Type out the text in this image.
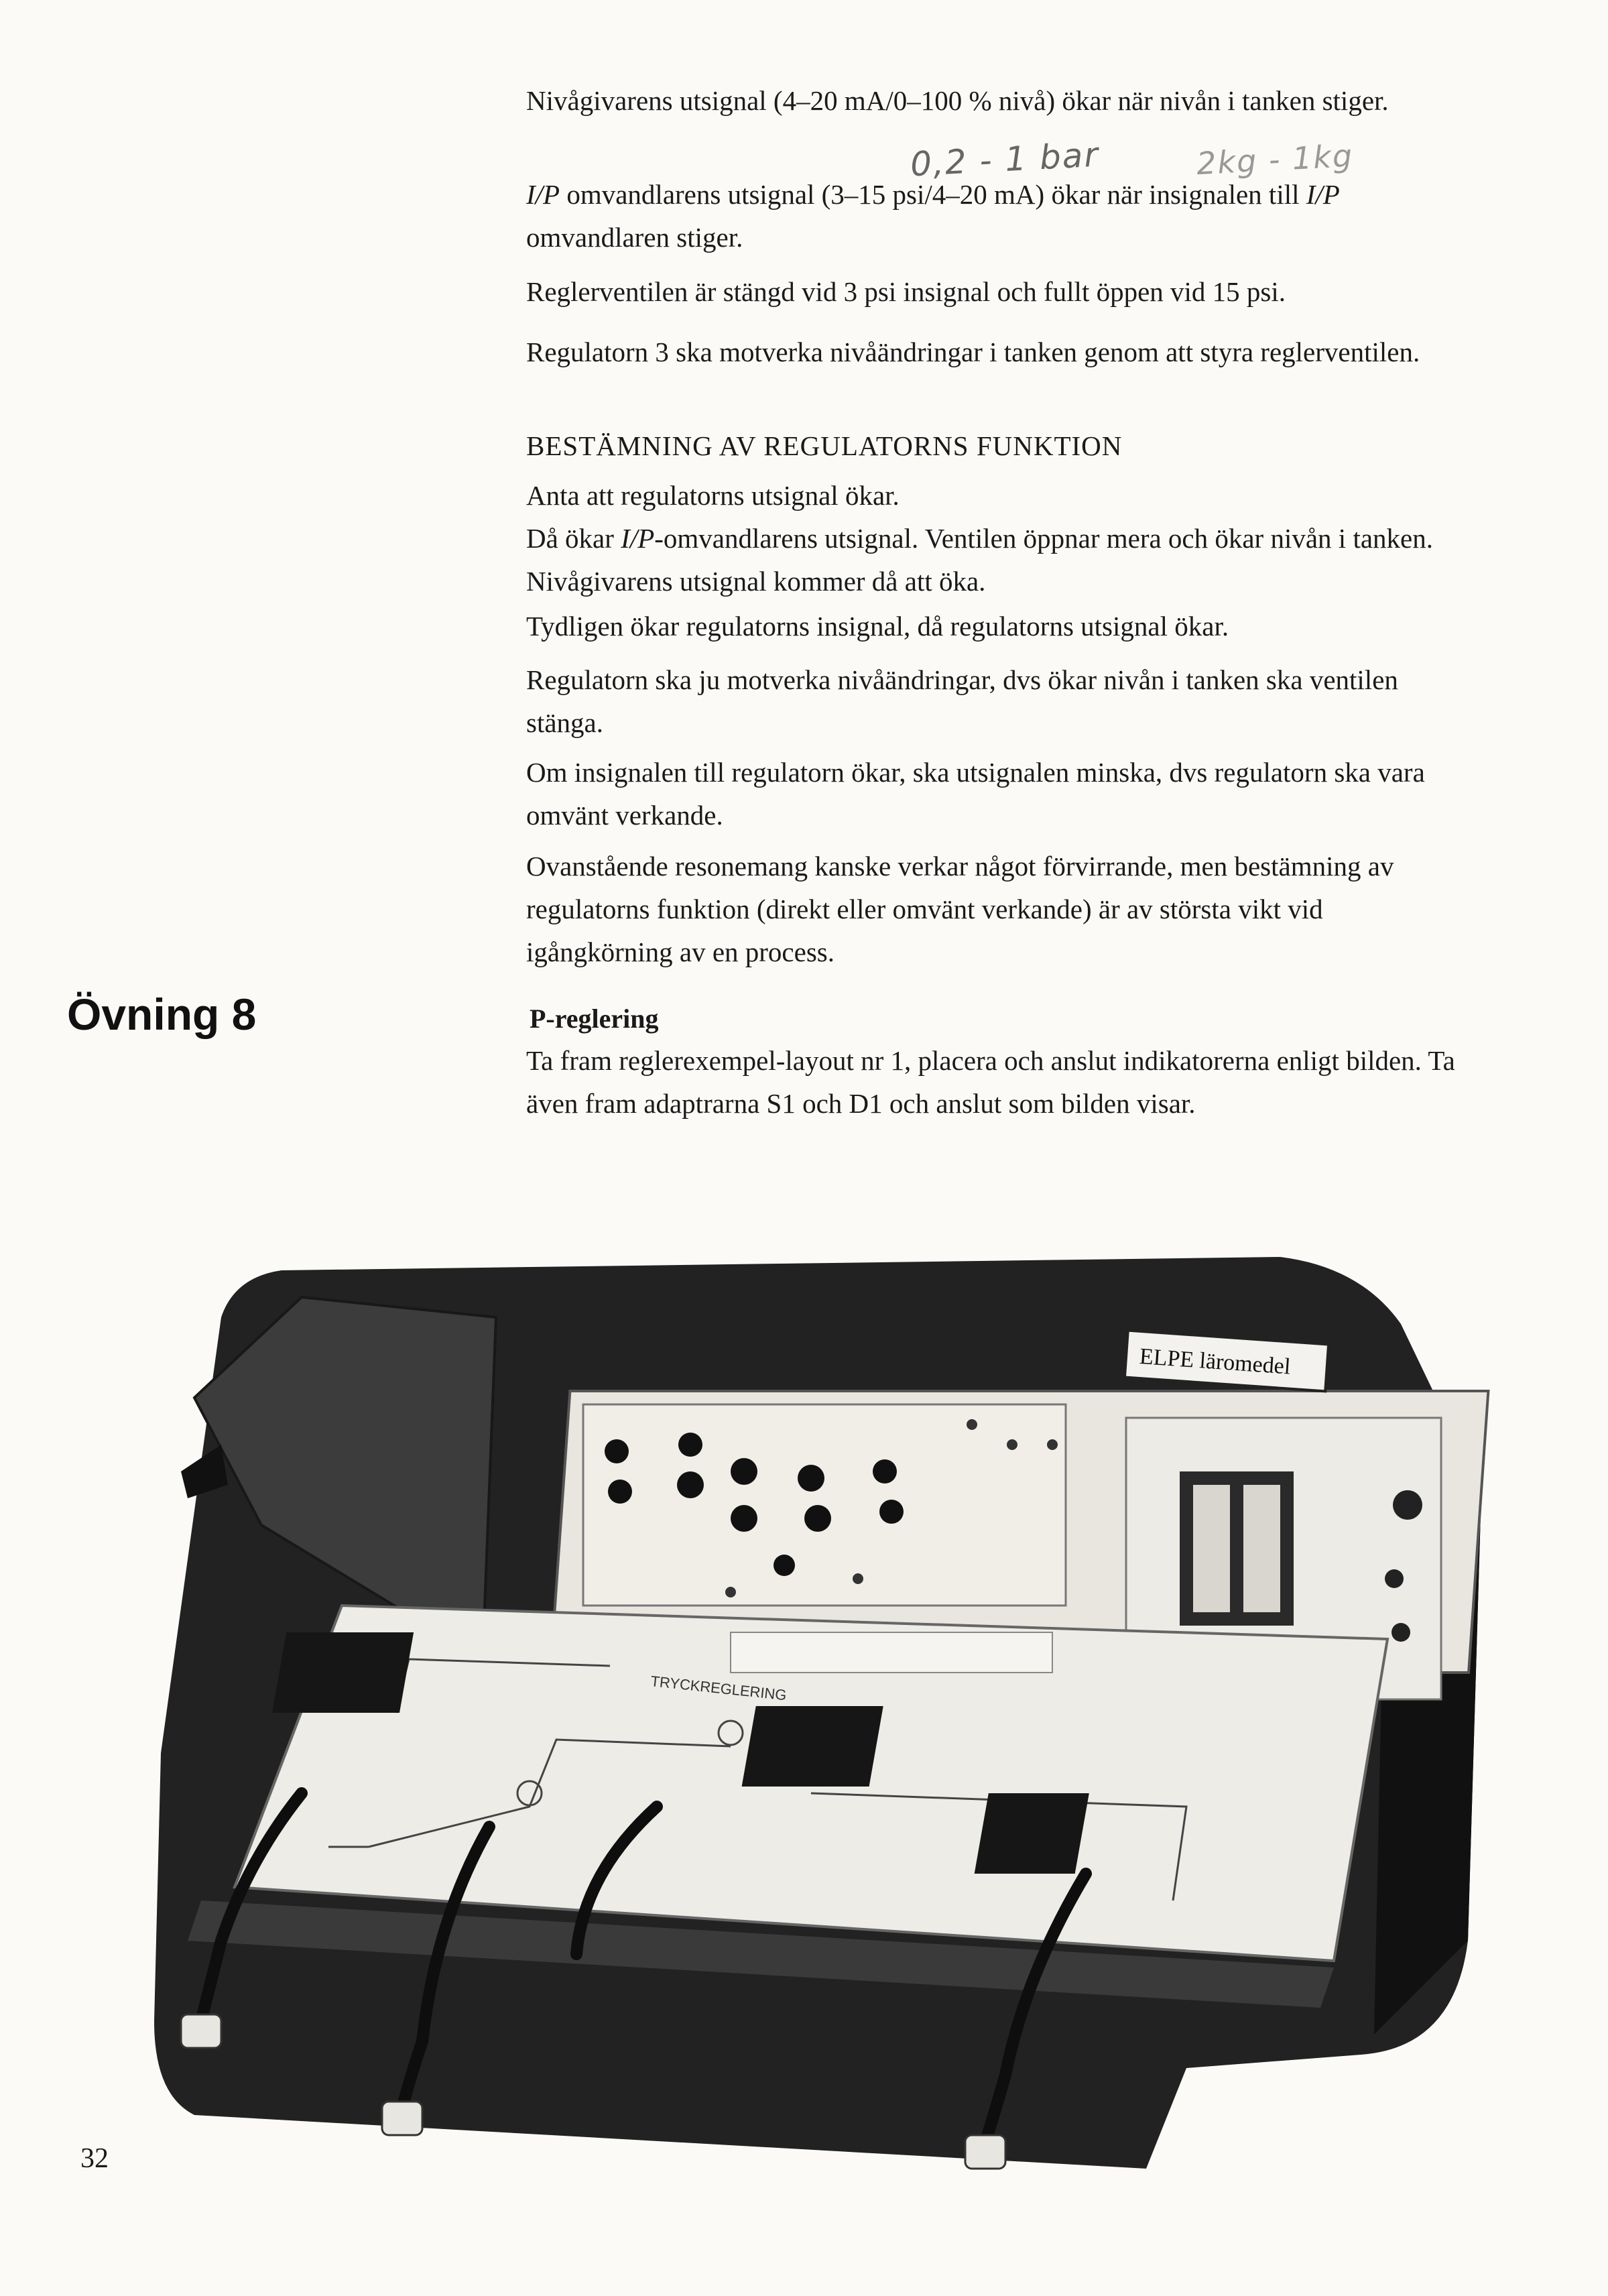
Nivågivarens utsignal (4–20 mA/0–100 % nivå) ökar när nivån i tanken stiger.

0,2 - 1 bar	2kg - 1kg

I/P omvandlarens utsignal (3–15 psi/4–20 mA) ökar när insignalen till I/P omvandlaren stiger.

Reglerventilen är stängd vid 3 psi insignal och fullt öppen vid 15 psi.

Regulatorn 3 ska motverka nivåändringar i tanken genom att styra reglerventilen.

BESTÄMNING AV REGULATORNS FUNKTION

Anta att regulatorns utsignal ökar.
Då ökar I/P-omvandlarens utsignal. Ventilen öppnar mera och ökar nivån i tanken. Nivågivarens utsignal kommer då att öka.

Tydligen ökar regulatorns insignal, då regulatorns utsignal ökar.

Regulatorn ska ju motverka nivåändringar, dvs ökar nivån i tanken ska ventilen stänga.

Om insignalen till regulatorn ökar, ska utsignalen minska, dvs regulatorn ska vara omvänt verkande.

Ovanstående resonemang kanske verkar något förvirrande, men bestämning av regulatorns funktion (direkt eller omvänt verkande) är av största vikt vid igångkörning av en process.

Övning 8	P-reglering

Ta fram reglerexempel-layout nr 1, placera och anslut indikatorerna enligt bilden. Ta även fram adaptrarna S1 och D1 och anslut som bilden visar.

ELPE läromedel
TRYCKREGLERING

32
